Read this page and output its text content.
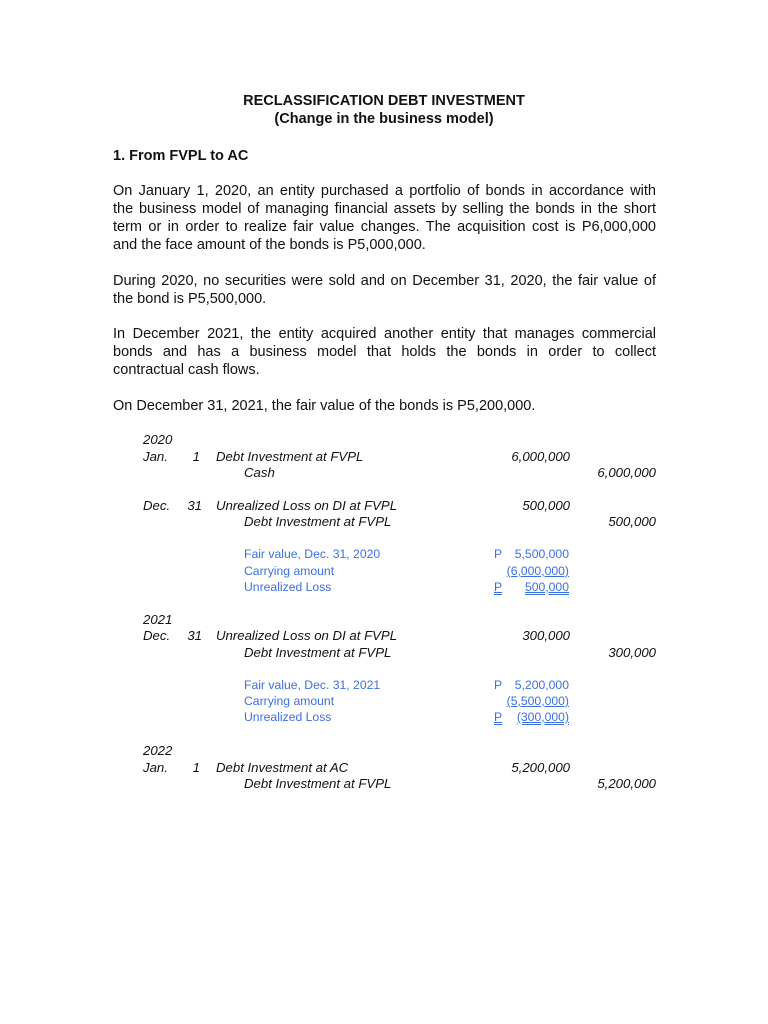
RECLASSIFICATION DEBT INVESTMENT
(Change in the business model)
1. From FVPL to AC
On January 1, 2020, an entity purchased a portfolio of bonds in accordance with
the business model of managing financial assets by selling the bonds in the short
term or in order to realize fair value changes. The acquisition cost is P6,000,000
and the face amount of the bonds is P5,000,000.
During 2020, no securities were sold and on December 31, 2020, the fair value of
the bond is P5,500,000.
In December 2021, the entity acquired another entity that manages commercial
bonds and has a business model that holds the bonds in order to collect
contractual cash flows.
On December 31, 2021, the fair value of the bonds is P5,200,000.
2020
Jan.	1 Debt Investment at FVPL	6,000,000
Cash	6,000,000
Dec.	31 Unrealized Loss on DI at FVPL	500,000
Debt Investment at FVPL	500,000
Fair value, Dec. 31, 2020	P	5,500,000
Carrying amount	(6,000,000)
Unrealized Loss	P	500,000
2021
Dec.	31 Unrealized Loss on DI at FVPL	300,000
Debt Investment at FVPL	300,000
Fair value, Dec. 31, 2021	P	5,200,000
Carrying amount	(5,500,000)
Unrealized Loss	P	(300,000)
2022
Jan.	1 Debt Investment at AC	5,200,000
Debt Investment at FVPL	5,200,000
